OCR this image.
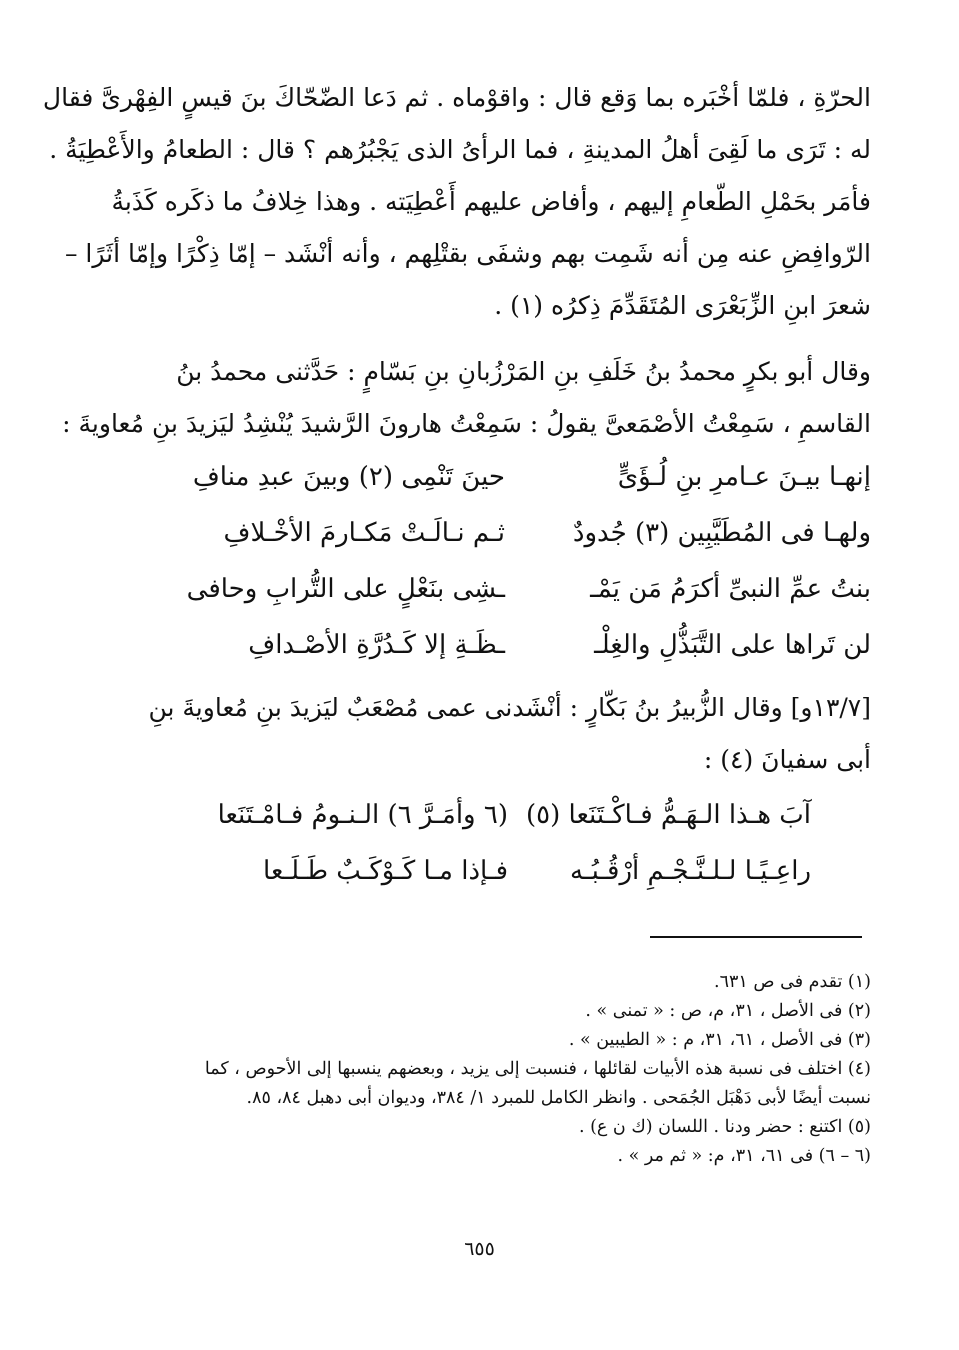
الحرّةِ ، فلمّا أخْبَره بما وَقع قال : واقوْماه . ثم دَعا الضّحّاكَ بنَ قيسٍ الفِهْرىَّ فقال
له : تَرَى ما لَقِىَ أهلُ المدينةِ ، فما الرأىُ الذى يَجْبُرُهم ؟ قال : الطعامُ والأَعْطِيَةُ .
فأمَر بحَمْلِ الطّعامِ إليهم ، وأفاض عليهم أَعْطِيَته . وهذا خِلافُ ما ذكَره كَذَبةُ
الرّوافِضِ عنه مِن أنه شَمِت بهم وشفَى بقتْلِهم ، وأنه أنْشَد – إمّا ذِكْرًا وإمّا أثَرًا –
شعرَ ابنِ الزِّبَعْرَى المُتَقَدِّمَ ذِكرُه (١) .
وقال أبو بكرٍ محمدُ بنُ خَلَفِ بنِ المَرْزُبانِ بنِ بَسّامٍ : حَدَّثنى محمدُ بنُ
القاسمِ ، سَمِعْتُ الأصْمَعىَّ يقولُ : سَمِعْتُ هارونَ الرَّشيدَ يُنْشِدُ ليَزيدَ بنِ مُعاويةَ :
إنهـا بيـنَ عـامرِ بنِ لُـؤَىٍّ
حينَ تَنْمِى (٢) وبينَ عبدِ منافِ
ولهـا فى المُطَيَّبِين (٣) جُدودٌ
ثـم نـالَـتْ مَكـارمَ الأخْـلافِ
بنتُ عمِّ النبىِّ أكرَمُ مَن يَمْـ
ـشِى بنَعْلٍ على التُّرابِ وحافى
لن تَراها على التَّبَذُّلِ والغِلْـ
ـظَـةِ إلا كَـدُرَّةِ الأصْـدافِ
[١٣/٧و] وقال الزُّبيرُ بنُ بَكّارٍ : أنْشَدنى عمى مُصْعَبٌ ليَزيدَ بنِ مُعاويةَ بنِ
أبى سفيانَ (٤) :
آبَ هـذا الـهَـمُّ فـاكْـتَنَعا (٥)
(٦ وأمَـرَّ ٦) الـنـومُ فـامْـتَنَعا
راعِـيًـا لـلـنَّـجْـمِ أرْقُـبُـه
فـإذا مـا كَـوْكَـبٌ طَـلَـعا
(١) تقدم فى ص ٦٣١.
(٢) فى الأصل ، ٣١، م، ص : « تمنى » .
(٣) فى الأصل ، ٦١، ٣١، م : « الطيبين » .
(٤) اختلف فى نسبة هذه الأبيات لقائلها ، فنسبت إلى يزيد ، وبعضهم ينسبها إلى الأحوص ، كما
نسبت أيضًا لأبى دَهْبَل الجُمَحى . وانظر الكامل للمبرد ١/ ٣٨٤، وديوان أبى دهبل ٨٤، ٨٥.
(٥) اكتنع : حضر ودنا . اللسان (ك ن ع) .
(٦ – ٦) فى ٦١، ٣١، م: « ثم مر » .
٦٥٥
